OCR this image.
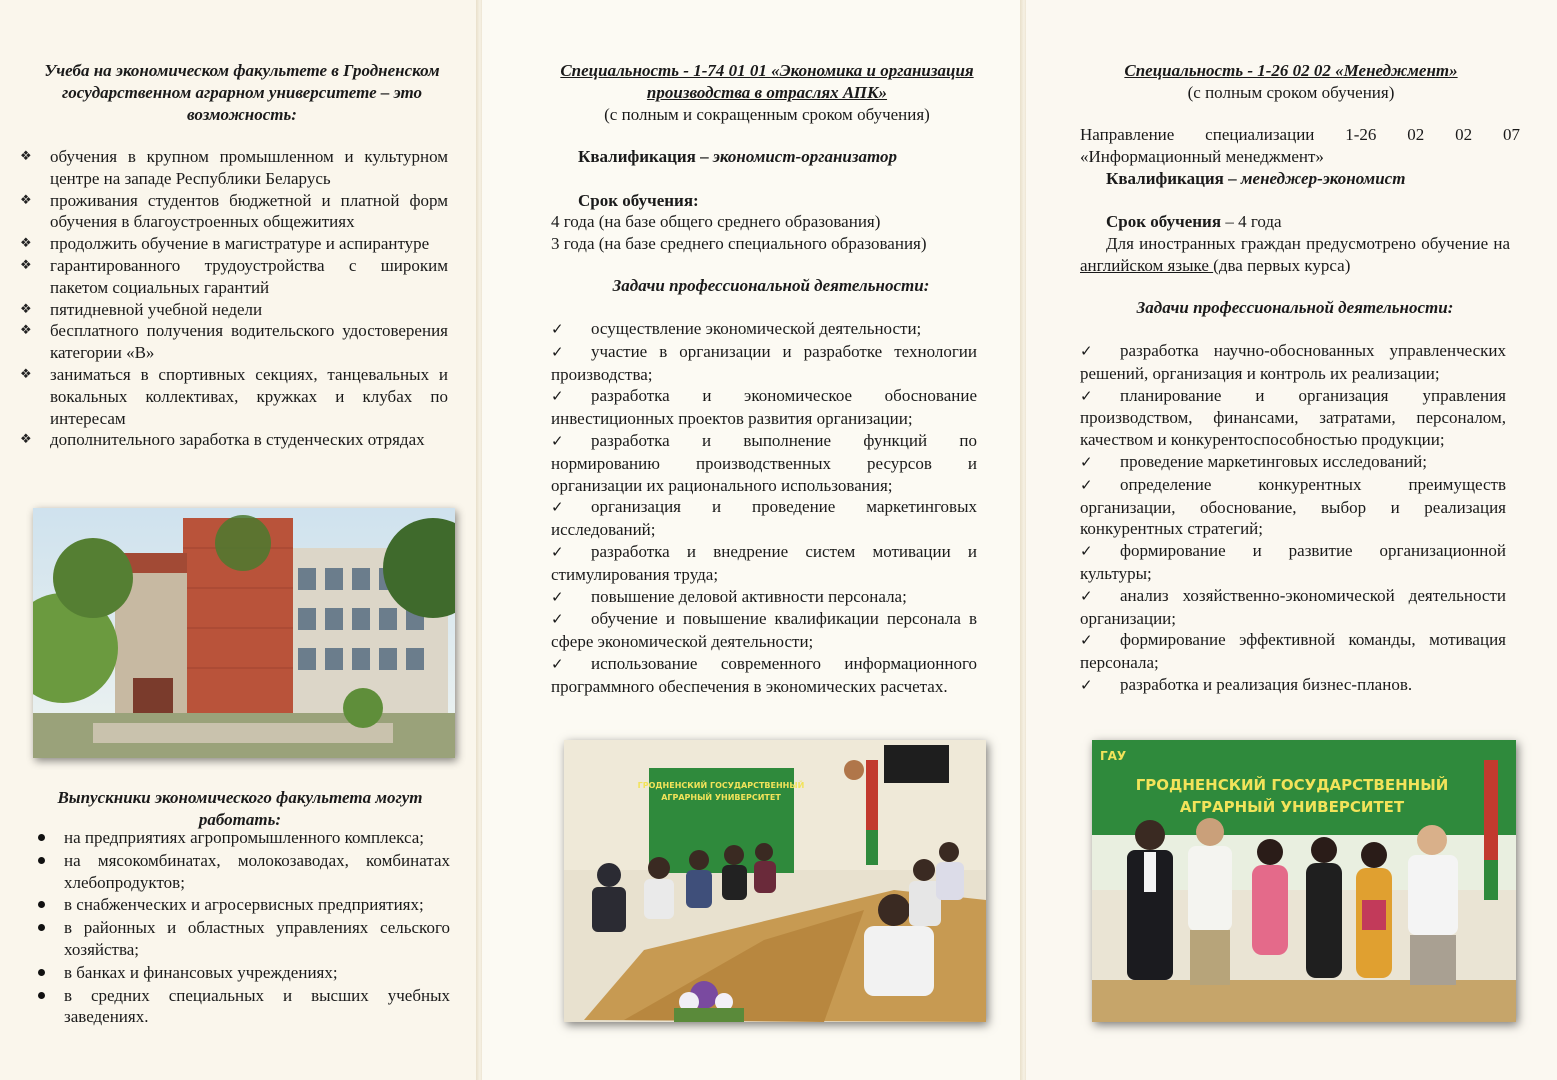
Учеба на экономическом факультете в Гродненском государственном аграрном университете – это возможность:
❖ обучения в крупном промышленном и культурном центре на западе Республики Беларусь
❖ проживания студентов бюджетной и платной форм обучения в благоустроенных общежитиях
❖ продолжить обучение в магистратуре и аспирантуре
❖ гарантированного трудоустройства с широким пакетом социальных гарантий
❖ пятидневной учебной недели
❖ бесплатного получения водительского удостоверения категории «В»
❖ заниматься в спортивных секциях, танцевальных и вокальных коллективах, кружках и клубах по интересам
❖ дополнительного заработка в студенческих отрядах
Выпускники экономического факультета могут работать:
на предприятиях агропромышленного комплекса;
на мясокомбинатах, молокозаводах, комбинатах хлебопродуктов;
в снабженческих и агросервисных предприятиях;
в районных и областных управлениях сельского хозяйства;
в банках и финансовых учреждениях;
в средних специальных и высших учебных заведениях.
Специальность - 1-74 01 01 «Экономика и организация производства в отраслях АПК»
(с полным и сокращенным сроком обучения)
Квалификация – экономист-организатор
Срок обучения:
4 года (на базе общего среднего образования)
3 года (на базе среднего специального образования)
Задачи профессиональной деятельности:
✓ осуществление экономической деятельности;
✓ участие в организации и разработке технологии производства;
✓ разработка и экономическое обоснование инвестиционных проектов развития организации;
✓ разработка и выполнение функций по нормированию производственных ресурсов и организации их рационального использования;
✓ организация и проведение маркетинговых исследований;
✓ разработка и внедрение систем мотивации и стимулирования труда;
✓ повышение деловой активности персонала;
✓ обучение и повышение квалификации персонала в сфере экономической деятельности;
✓ использование современного информационного программного обеспечения в экономических расчетах.
ГРОДНЕНСКИЙ ГОСУДАРСТВЕННЫЙ
АГРАРНЫЙ УНИВЕРСИТЕТ
Специальность - 1-26 02 02 «Менеджмент»
(с полным сроком обучения)
Направление специализации 1-26 02 02 07 «Информационный менеджмент»
Квалификация – менеджер-экономист
Срок обучения – 4 года
Для иностранных граждан предусмотрено обучение на английском языке (два первых курса)
Задачи профессиональной деятельности:
✓ разработка научно-обоснованных управленческих решений, организация и контроль их реализации;
✓ планирование и организация управления производством, финансами, затратами, персоналом, качеством и конкурентоспособностью продукции;
✓ проведение маркетинговых исследований;
✓ определение конкурентных преимуществ организации, обоснование, выбор и реализация конкурентных стратегий;
✓ формирование и развитие организационной культуры;
✓ анализ хозяйственно-экономической деятельности организации;
✓ формирование эффективной команды, мотивация персонала;
✓ разработка и реализация бизнес-планов.
ГАУ
ГРОДНЕНСКИЙ ГОСУДАРСТВЕННЫЙ
АГРАРНЫЙ УНИВЕРСИТЕТ
